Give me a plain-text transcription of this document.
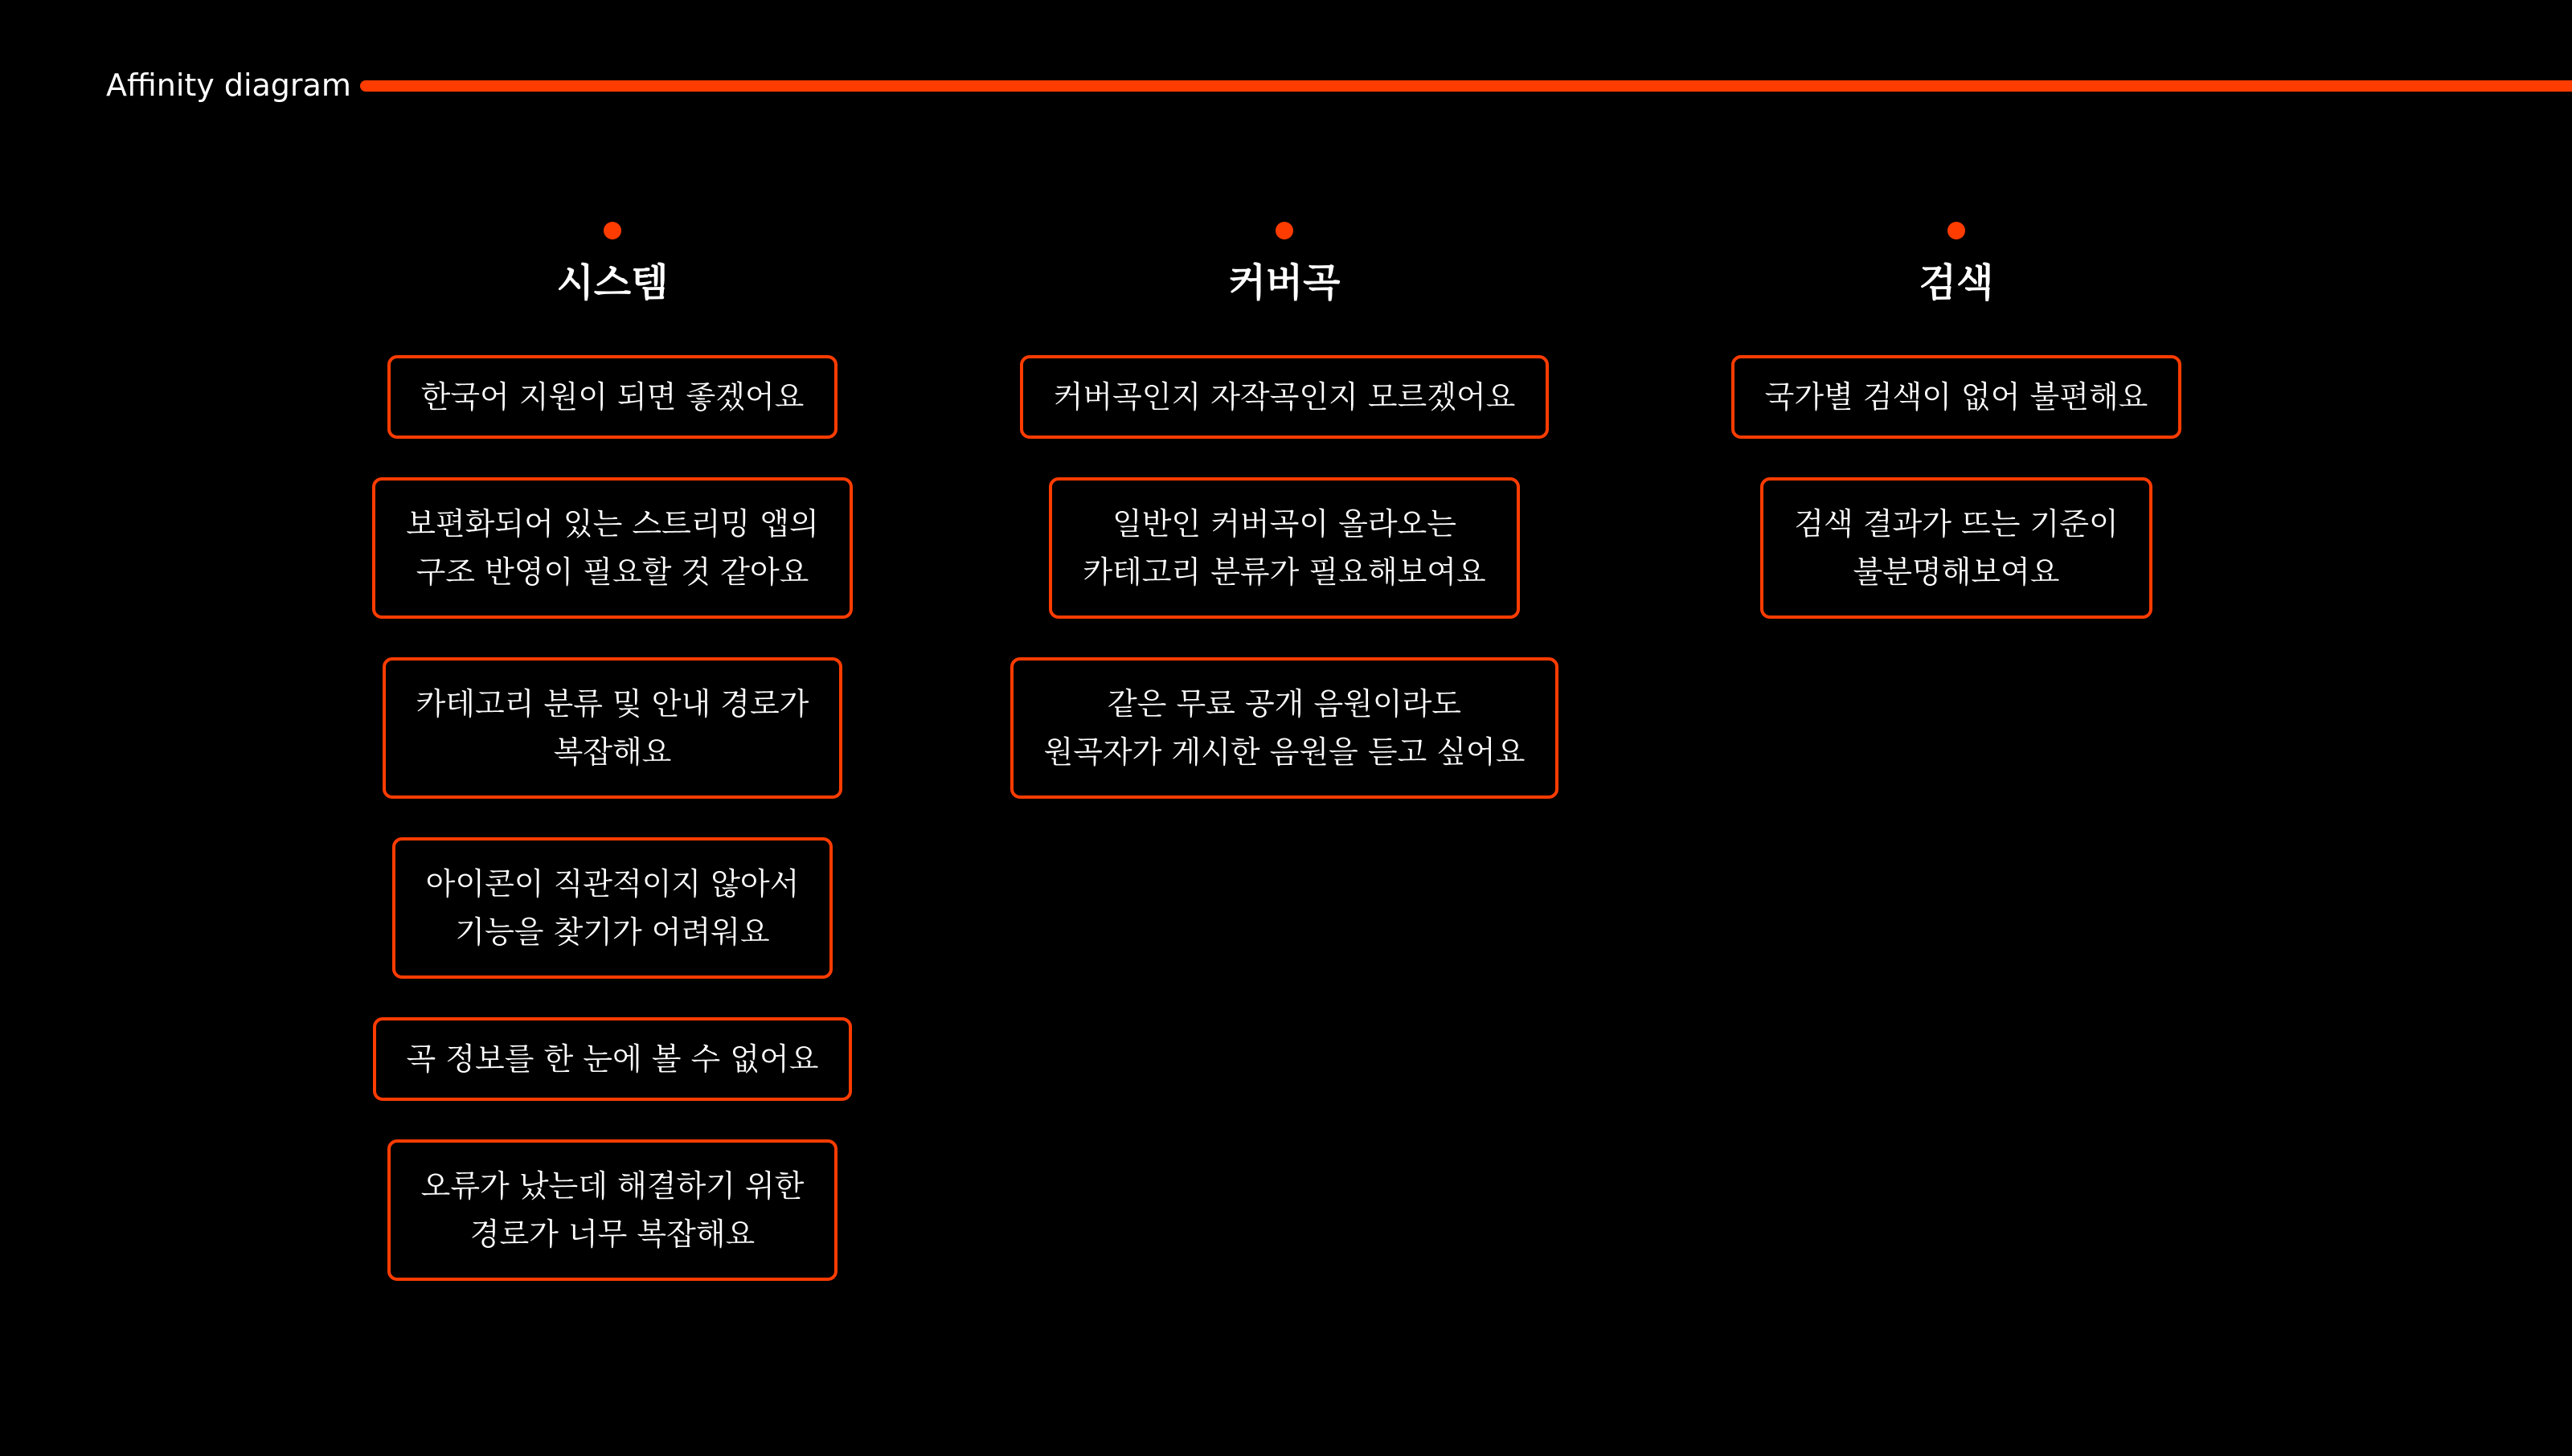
Affinity diagram
시스템
한국어 지원이 되면 좋겠어요
보편화되어 있는 스트리밍 앱의
구조 반영이 필요할 것 같아요
카테고리 분류 및 안내 경로가
복잡해요
아이콘이 직관적이지 않아서
기능을 찾기가 어려워요
곡 정보를 한 눈에 볼 수 없어요
오류가 났는데 해결하기 위한
경로가 너무 복잡해요
커버곡
커버곡인지 자작곡인지 모르겠어요
일반인 커버곡이 올라오는
카테고리 분류가 필요해보여요
같은 무료 공개 음원이라도
원곡자가 게시한 음원을 듣고 싶어요
검색
국가별 검색이 없어 불편해요
검색 결과가 뜨는 기준이
불분명해보여요
